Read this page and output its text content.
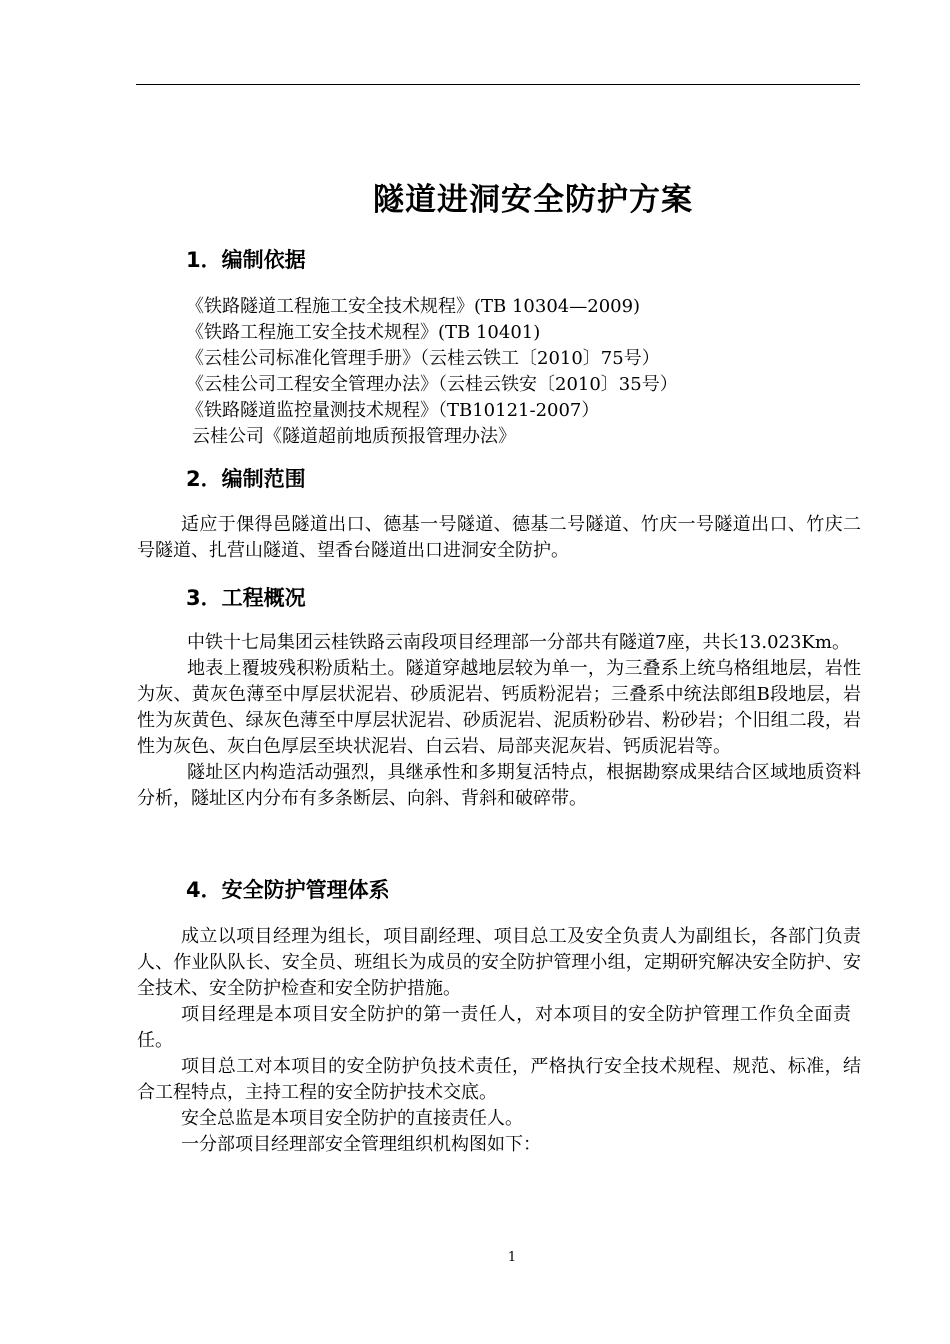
隧道进洞安全防护方案
1．编制依据
《铁路隧道工程施工安全技术规程》(TB 10304—2009)
《铁路工程施工安全技术规程》(TB 10401)
《云桂公司标准化管理手册》（云桂云铁工〔2010〕75号）
《云桂公司工程安全管理办法》（云桂云铁安〔2010〕35号）
《铁路隧道监控量测技术规程》（TB10121-2007）
云桂公司《隧道超前地质预报管理办法》
2．编制范围

适应于倮得邑隧道出口、德基一号隧道、德基二号隧道、竹庆一号隧道出口、竹庆二号隧道、扎营山隧道、望香台隧道出口进洞安全防护。

3．工程概况

中铁十七局集团云桂铁路云南段项目经理部一分部共有隧道7座，共长13.023Km。

地表上覆坡残积粉质粘土。隧道穿越地层较为单一，为三叠系上统乌格组地层，岩性为灰、黄灰色薄至中厚层状泥岩、砂质泥岩、钙质粉泥岩；三叠系中统法郎组B段地层，岩性为灰黄色、绿灰色薄至中厚层状泥岩、砂质泥岩、泥质粉砂岩、粉砂岩；个旧组二段，岩性为灰色、灰白色厚层至块状泥岩、白云岩、局部夹泥灰岩、钙质泥岩等。

隧址区内构造活动强烈，具继承性和多期复活特点，根据勘察成果结合区域地质资料分析，隧址区内分布有多条断层、向斜、背斜和破碎带。

4．安全防护管理体系

成立以项目经理为组长，项目副经理、项目总工及安全负责人为副组长，各部门负责人、作业队队长、安全员、班组长为成员的安全防护管理小组，定期研究解决安全防护、安全技术、安全防护检查和安全防护措施。

项目经理是本项目安全防护的第一责任人，对本项目的安全防护管理工作负全面责任。

项目总工对本项目的安全防护负技术责任，严格执行安全技术规程、规范、标准，结合工程特点，主持工程的安全防护技术交底。

安全总监是本项目安全防护的直接责任人。

一分部项目经理部安全管理组织机构图如下：

1
